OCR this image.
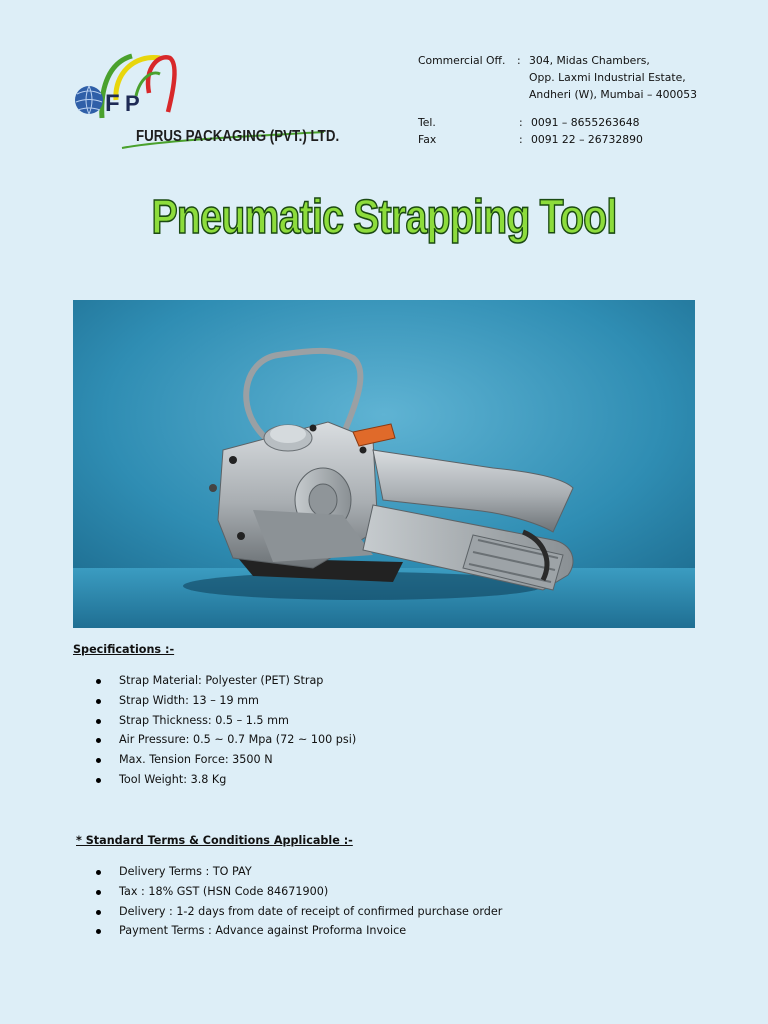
F P
FURUS PACKAGING (PVT.) LTD.
Commercial Off. : 304, Midas Chambers,
Opp. Laxmi Industrial Estate,
Andheri (W), Mumbai – 400053
Tel.	: 0091 – 8655263648
Fax	: 0091 22 – 26732890
Pneumatic Strapping Tool
Specifications :-
Strap Material: Polyester (PET) Strap
Strap Width: 13 – 19 mm
Strap Thickness: 0.5 – 1.5 mm
Air Pressure: 0.5 ~ 0.7 Mpa (72 ~ 100 psi)
Max. Tension Force: 3500 N
Tool Weight: 3.8 Kg
* Standard Terms & Conditions Applicable :-
Delivery Terms : TO PAY
Tax : 18% GST (HSN Code 84671900)
Delivery : 1-2 days from date of receipt of confirmed purchase order
Payment Terms : Advance against Proforma Invoice
